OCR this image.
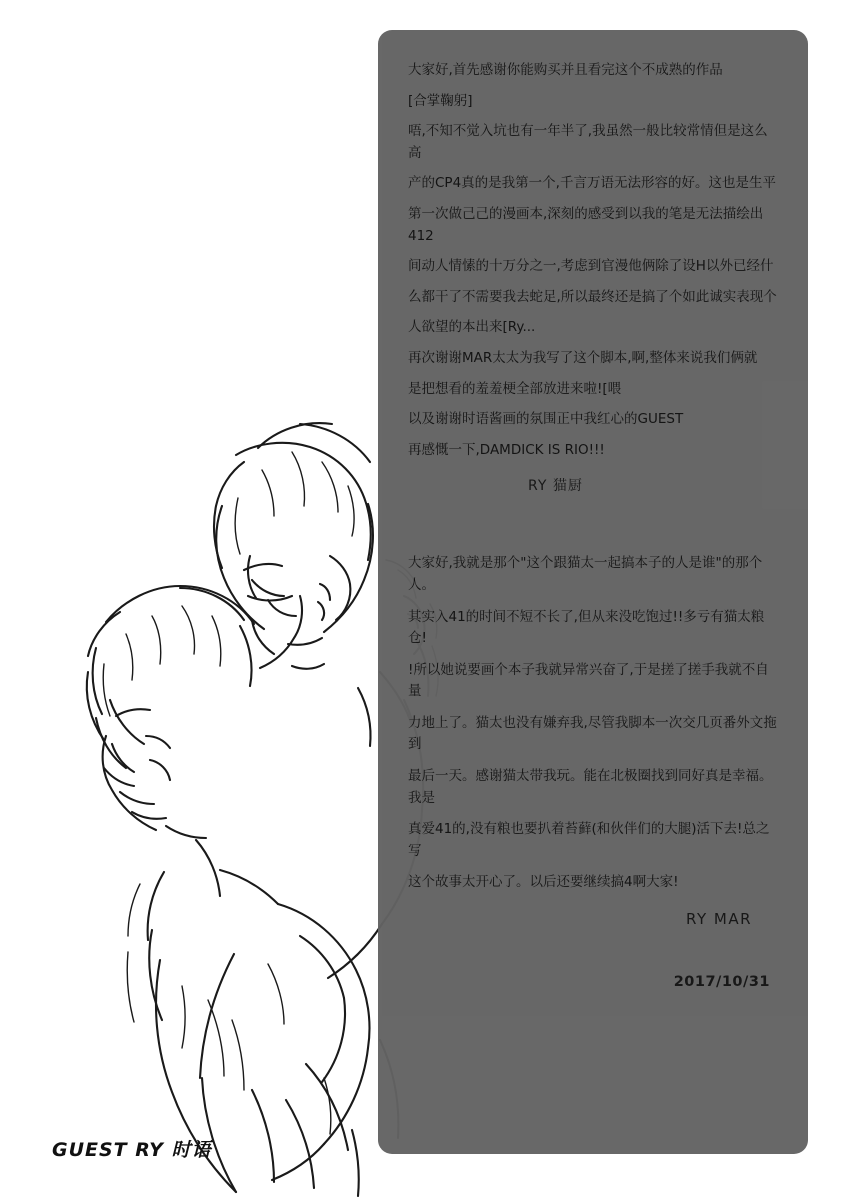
大家好,首先感谢你能购买并且看完这个不成熟的作品
[合掌鞠躬]
唔,不知不觉入坑也有一年半了,我虽然一般比较常情但是这么高
产的CP4真的是我第一个,千言万语无法形容的好。这也是生平
第一次做己己的漫画本,深刻的感受到以我的笔是无法描绘出412
间动人情愫的十万分之一,考虑到官漫他俩除了设H以外已经什
么都干了不需要我去蛇足,所以最终还是搞了个如此诚实表现个
人欲望的本出来[Ry...
再次谢谢MAR太太为我写了这个脚本,啊,整体来说我们俩就
是把想看的羞羞梗全部放进来啦![喂
以及谢谢时语酱画的氛围正中我红心的GUEST
再感慨一下,DAMDICK IS RIO!!!
RY 猫厨
大家好,我就是那个"这个跟猫太一起搞本子的人是谁"的那个人。
其实入41的时间不短不长了,但从来没吃饱过!!多亏有猫太粮仓!
!所以她说要画个本子我就异常兴奋了,于是搓了搓手我就不自量
力地上了。猫太也没有嫌弃我,尽管我脚本一次交几页番外文拖到
最后一天。感谢猫太带我玩。能在北极圈找到同好真是幸福。我是
真爱41的,没有粮也要扒着苔藓(和伙伴们的大腿)活下去!总之写
这个故事太开心了。以后还要继续搞4啊大家!
RY MAR
2017/10/31
GUEST RY 时语
